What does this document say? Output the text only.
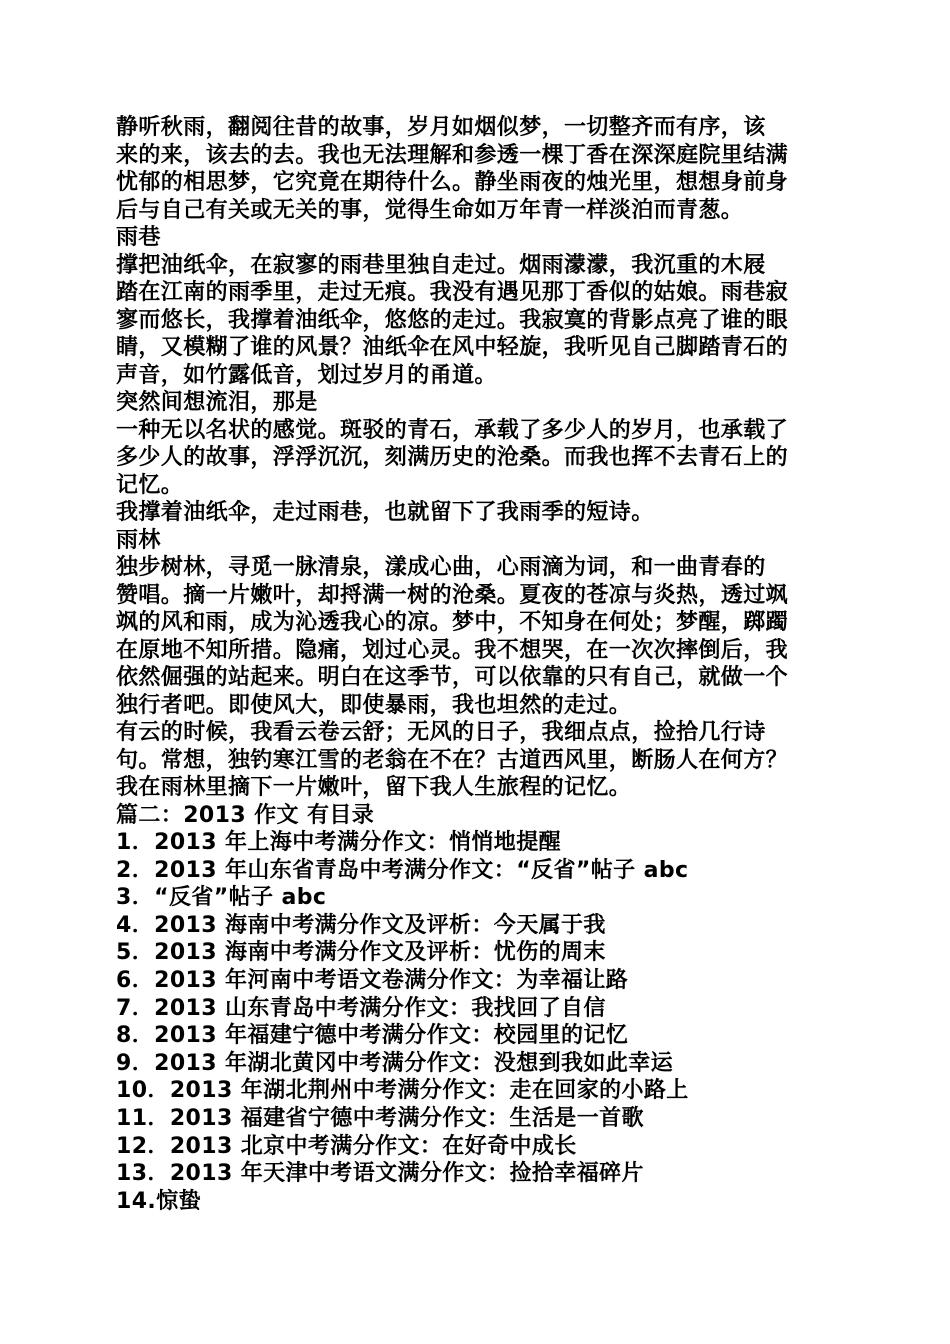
静听秋雨，翻阅往昔的故事，岁月如烟似梦，一切整齐而有序，该

来的来，该去的去。我也无法理解和参透一棵丁香在深深庭院里结满

忧郁的相思梦，它究竟在期待什么。静坐雨夜的烛光里，想想身前身

后与自己有关或无关的事，觉得生命如万年青一样淡泊而青葱。

雨巷

撑把油纸伞，在寂寥的雨巷里独自走过。烟雨濛濛，我沉重的木屐

踏在江南的雨季里，走过无痕。我没有遇见那丁香似的姑娘。雨巷寂

寥而悠长，我撑着油纸伞，悠悠的走过。我寂寞的背影点亮了谁的眼

睛，又模糊了谁的风景？油纸伞在风中轻旋，我听见自己脚踏青石的

声音，如竹露低音，划过岁月的甬道。

突然间想流泪，那是

一种无以名状的感觉。斑驳的青石，承载了多少人的岁月，也承载了

多少人的故事，浮浮沉沉，刻满历史的沧桑。而我也挥不去青石上的

记忆。

我撑着油纸伞，走过雨巷，也就留下了我雨季的短诗。

雨林

独步树林，寻觅一脉清泉，漾成心曲，心雨滴为词，和一曲青春的

赞唱。摘一片嫩叶，却捋满一树的沧桑。夏夜的苍凉与炎热，透过飒

飒的风和雨，成为沁透我心的凉。梦中，不知身在何处；梦醒，踯躅

在原地不知所措。隐痛，划过心灵。我不想哭，在一次次摔倒后，我

依然倔强的站起来。明白在这季节，可以依靠的只有自己，就做一个

独行者吧。即使风大，即使暴雨，我也坦然的走过。

有云的时候，我看云卷云舒；无风的日子，我细点点，捡拾几行诗

句。常想，独钓寒江雪的老翁在不在？古道西风里，断肠人在何方？

我在雨林里摘下一片嫩叶，留下我人生旅程的记忆。

篇二：2013 作文 有目录

1．2013 年上海中考满分作文：悄悄地提醒

2．2013 年山东省青岛中考满分作文：“反省”帖子 abc

3．“反省”帖子 abc

4．2013 海南中考满分作文及评析：今天属于我

5．2013 海南中考满分作文及评析：忧伤的周末

6．2013 年河南中考语文卷满分作文：为幸福让路

7．2013 山东青岛中考满分作文：我找回了自信

8．2013 年福建宁德中考满分作文：校园里的记忆

9．2013 年湖北黄冈中考满分作文：没想到我如此幸运

10．2013 年湖北荆州中考满分作文：走在回家的小路上

11．2013 福建省宁德中考满分作文：生活是一首歌

12．2013 北京中考满分作文：在好奇中成长

13．2013 年天津中考语文满分作文：捡拾幸福碎片

14.惊蛰
